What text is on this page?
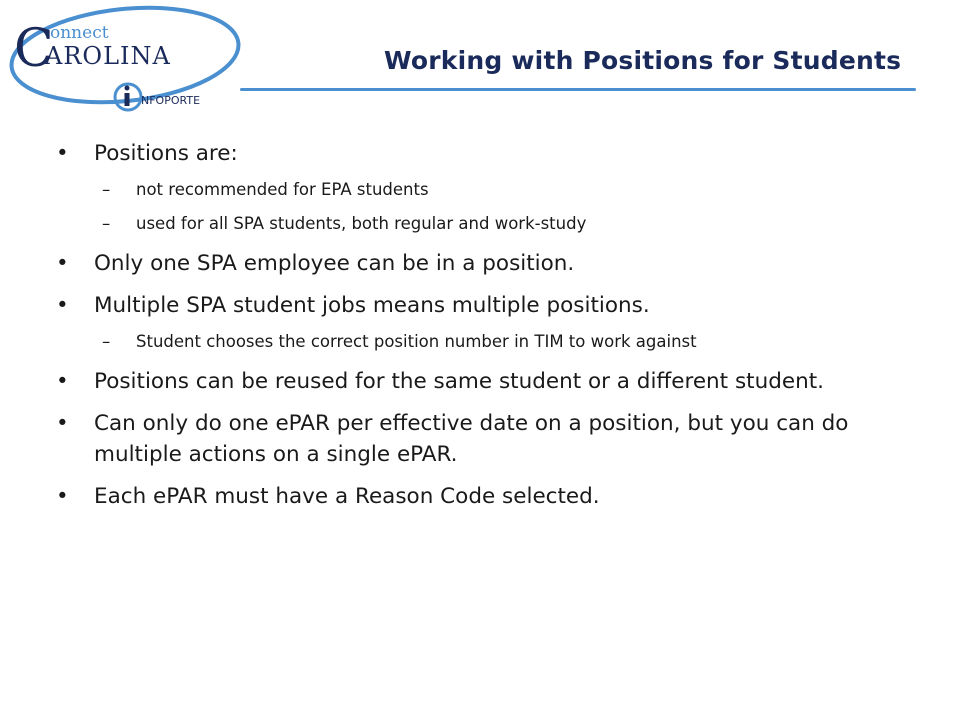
C
onnect
AROLINA
NFOPORTE
Working with Positions for Students
• Positions are:
– not recommended for EPA students
– used for all SPA students, both regular and work-study
• Only one SPA employee can be in a position.
• Multiple SPA student jobs means multiple positions.
– Student chooses the correct position number in TIM to work against
• Positions can be reused for the same student or a different student.
• Can only do one ePAR per effective date on a position, but you can do multiple actions on a single ePAR.
• Each ePAR must have a Reason Code selected.
